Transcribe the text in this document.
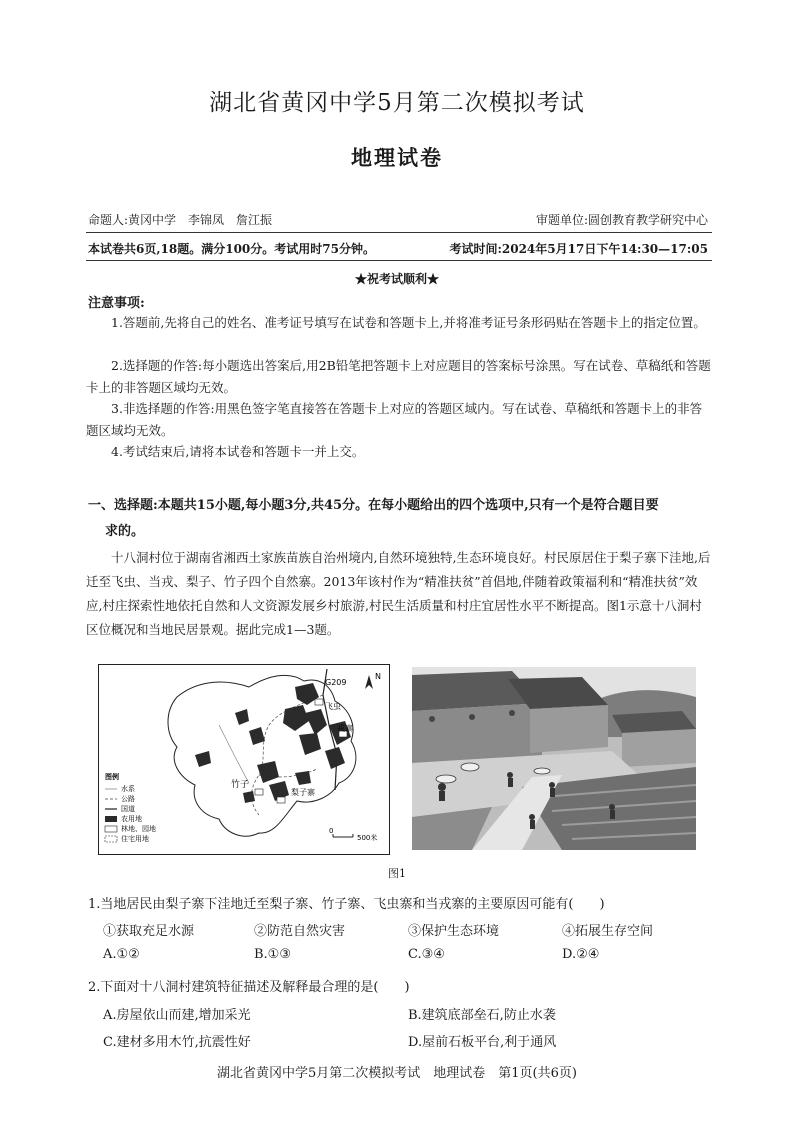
湖北省黄冈中学5月第二次模拟考试
地理试卷
命题人:黄冈中学　李锦凤　詹江振	审题单位:圆创教育教学研究中心
本试卷共6页,18题。满分100分。考试用时75分钟。	考试时间:2024年5月17日下午14:30—17:05
★祝考试顺利★
注意事项:
1.答题前,先将自己的姓名、准考证号填写在试卷和答题卡上,并将准考证号条形码贴在答题卡上的指定位置。
2.选择题的作答:每小题选出答案后,用2B铅笔把答题卡上对应题目的答案标号涂黑。写在试卷、草稿纸和答题卡上的非答题区域均无效。
3.非选择题的作答:用黑色签字笔直接答在答题卡上对应的答题区域内。写在试卷、草稿纸和答题卡上的非答题区域均无效。
4.考试结束后,请将本试卷和答题卡一并上交。
一、选择题:本题共15小题,每小题3分,共45分。在每小题给出的四个选项中,只有一个是符合题目要
求的。
十八洞村位于湖南省湘西土家族苗族自治州境内,自然环境独特,生态环境良好。村民原居住于梨子寨下洼地,后迁至飞虫、当戎、梨子、竹子四个自然寨。2013年该村作为“精准扶贫”首倡地,伴随着政策福利和“精准扶贫”效应,村庄探索性地依托自然和人文资源发展乡村旅游,村民生活质量和村庄宜居性水平不断提高。图1示意十八洞村区位概况和当地民居景观。据此完成1—3题。
N
G209
飞虫
戎寨
竹子
梨子寨
0
500米
图例
水系
公路
国道
农用地
林地、园地
住宅用地
图1
1.当地居民由梨子寨下洼地迁至梨子寨、竹子寨、飞虫寨和当戎寨的主要原因可能有(　　)
①获取充足水源	②防范自然灾害	③保护生态环境	④拓展生存空间
A.①②	B.①③	C.③④	D.②④
2.下面对十八洞村建筑特征描述及解释最合理的是(　　)
A.房屋依山而建,增加采光	B.建筑底部垒石,防止水袭
C.建材多用木竹,抗震性好	D.屋前石板平台,利于通风
湖北省黄冈中学5月第二次模拟考试　地理试卷　第1页(共6页)
